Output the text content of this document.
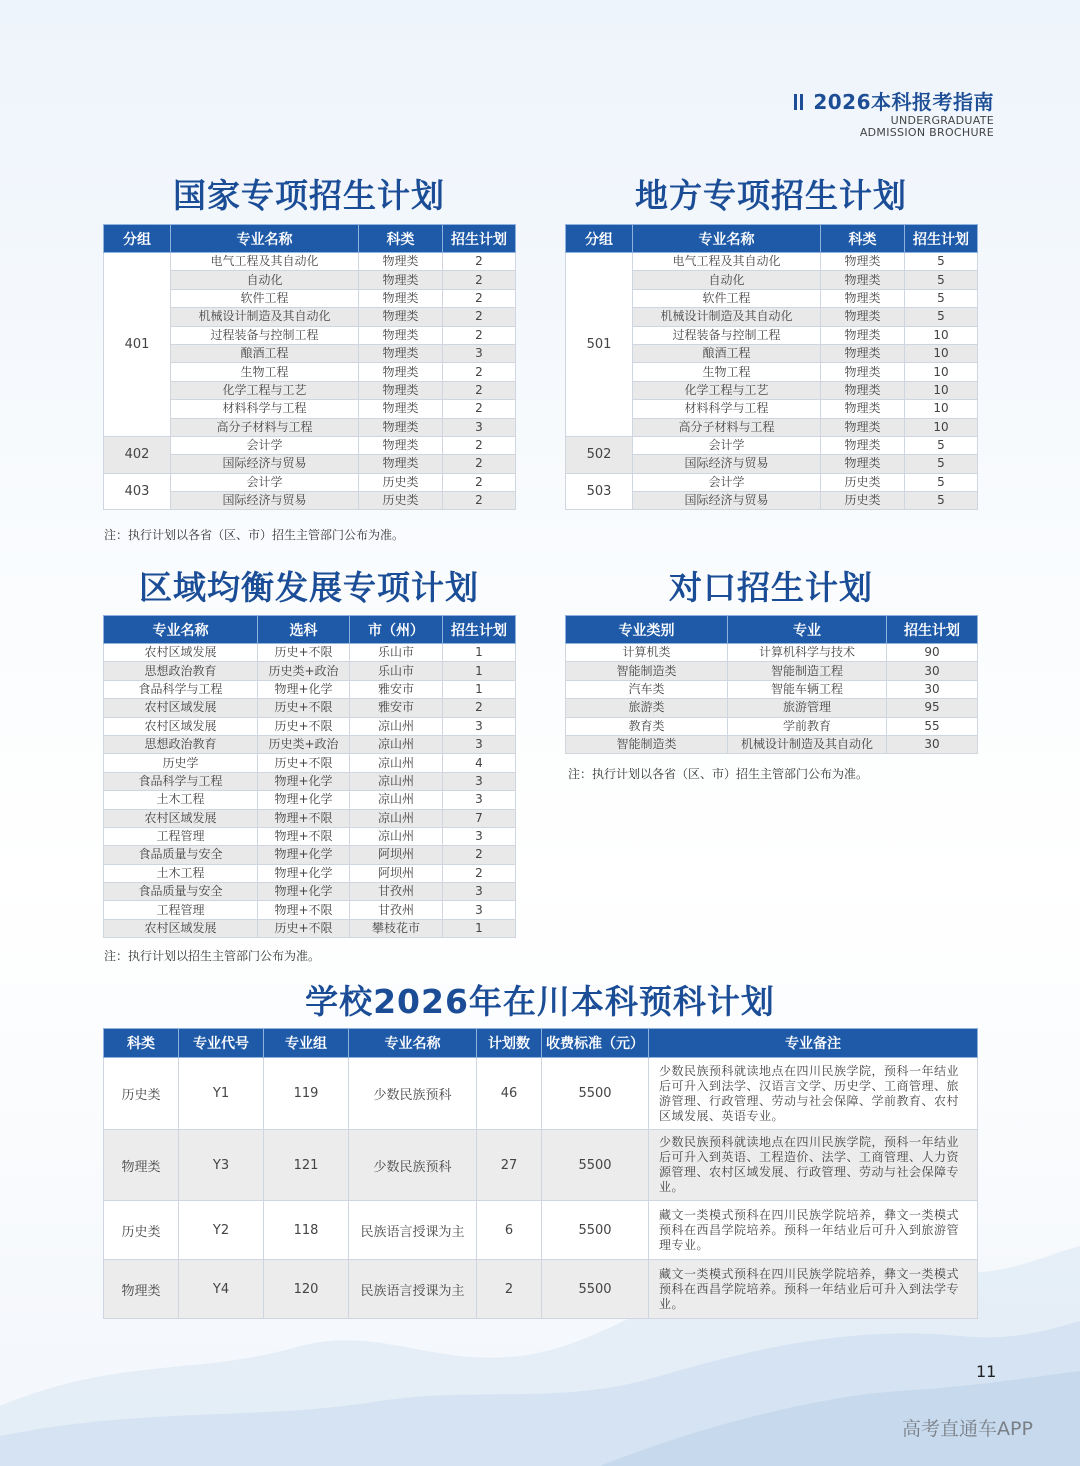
2026本科报考指南
UNDERGRADUATE
ADMISSION BROCHURE
国家专项招生计划
分组	专业名称	科类	招生计划
401	电气工程及其自动化	物理类	2
	自动化	物理类	2
	软件工程	物理类	2
	机械设计制造及其自动化	物理类	2
	过程装备与控制工程	物理类	2
	酿酒工程	物理类	3
	生物工程	物理类	2
	化学工程与工艺	物理类	2
	材料科学与工程	物理类	2
	高分子材料与工程	物理类	3
402	会计学	物理类	2
	国际经济与贸易	物理类	2
403	会计学	历史类	2
	国际经济与贸易	历史类	2
注：执行计划以各省（区、市）招生主管部门公布为准。
地方专项招生计划
分组	专业名称	科类	招生计划
501	电气工程及其自动化	物理类	5
	自动化	物理类	5
	软件工程	物理类	5
	机械设计制造及其自动化	物理类	5
	过程装备与控制工程	物理类	10
	酿酒工程	物理类	10
	生物工程	物理类	10
	化学工程与工艺	物理类	10
	材料科学与工程	物理类	10
	高分子材料与工程	物理类	10
502	会计学	物理类	5
	国际经济与贸易	物理类	5
503	会计学	历史类	5
	国际经济与贸易	历史类	5
区域均衡发展专项计划
专业名称	选科	市（州）	招生计划
农村区域发展	历史+不限	乐山市	1
思想政治教育	历史类+政治	乐山市	1
食品科学与工程	物理+化学	雅安市	1
农村区域发展	历史+不限	雅安市	2
农村区域发展	历史+不限	凉山州	3
思想政治教育	历史类+政治	凉山州	3
历史学	历史+不限	凉山州	4
食品科学与工程	物理+化学	凉山州	3
土木工程	物理+化学	凉山州	3
农村区域发展	物理+不限	凉山州	7
工程管理	物理+不限	凉山州	3
食品质量与安全	物理+化学	阿坝州	2
土木工程	物理+化学	阿坝州	2
食品质量与安全	物理+化学	甘孜州	3
工程管理	物理+不限	甘孜州	3
农村区域发展	历史+不限	攀枝花市	1
注：执行计划以招生主管部门公布为准。
对口招生计划
专业类别	专业	招生计划
计算机类	计算机科学与技术	90
智能制造类	智能制造工程	30
汽车类	智能车辆工程	30
旅游类	旅游管理	95
教育类	学前教育	55
智能制造类	机械设计制造及其自动化	30
注：执行计划以各省（区、市）招生主管部门公布为准。
学校2026年在川本科预科计划
科类	专业代号	专业组	专业名称	计划数	收费标准（元）	专业备注
历史类	Y1	119	少数民族预科	46	5500	少数民族预科就读地点在四川民族学院，预科一年结业后可升入到法学、汉语言文学、历史学、工商管理、旅游管理、行政管理、劳动与社会保障、学前教育、农村区域发展、英语专业。
物理类	Y3	121	少数民族预科	27	5500	少数民族预科就读地点在四川民族学院，预科一年结业后可升入到英语、工程造价、法学、工商管理、人力资源管理、农村区域发展、行政管理、劳动与社会保障专业。
历史类	Y2	118	民族语言授课为主	6	5500	藏文一类模式预科在四川民族学院培养，彝文一类模式预科在西昌学院培养。预科一年结业后可升入到旅游管理专业。
物理类	Y4	120	民族语言授课为主	2	5500	藏文一类模式预科在四川民族学院培养，彝文一类模式预科在西昌学院培养。预科一年结业后可升入到法学专业。
11
高考直通车APP
